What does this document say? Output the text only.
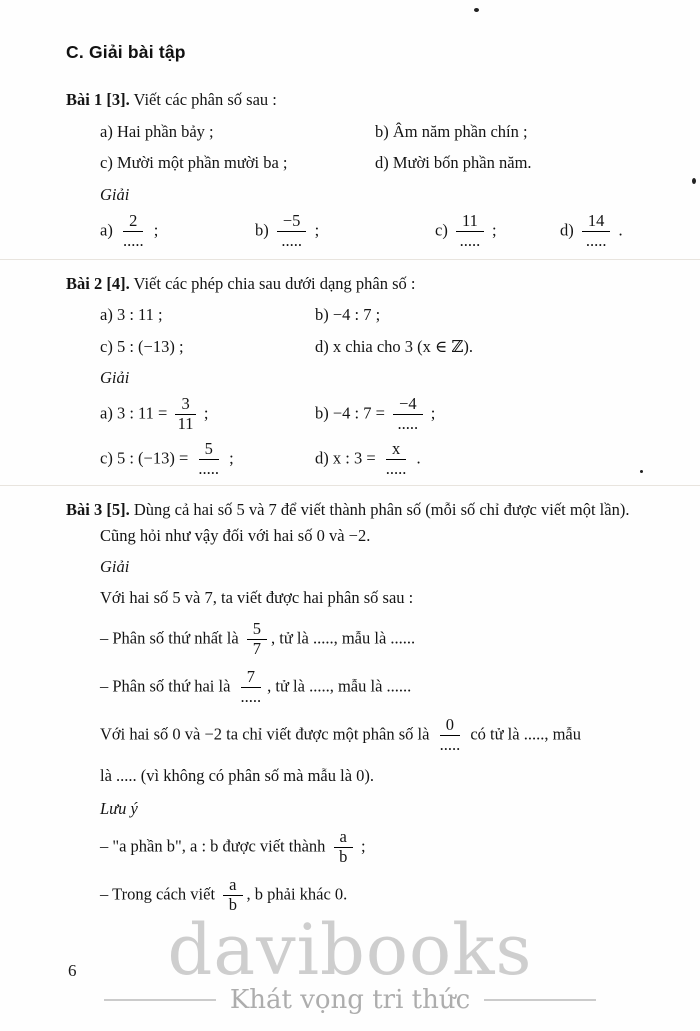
C. Giải bài tập

Bài 1 [3]. Viết các phân số sau :

a) Hai phần bảy ;	b) Âm năm phần chín ;
c) Mười một phần mười ba ;	d) Mười bốn phần năm.

Giải

$a) \frac{2}{.....}$ ;	$b) \frac{-5}{.....}$ ;	$c) \frac{11}{.....}$ ;	$d) \frac{14}{.....}$ .

Bài 2 [4]. Viết các phép chia sau dưới dạng phân số :

a) 3 : 11 ;	b) −4 : 7 ;
c) 5 : (−13) ;	d) x chia cho 3 (x ∈ ℤ).

Giải

a) 3 : $11 = \frac{3}{11}$ ;	b) −4 : $7 = \frac{-4}{.....}$ ;
c) 5 : $(-13) = \frac{5}{.....}$ ;	d) x : $3 = \frac{x}{.....}$ .

Bài 3 [5]. Dùng cả hai số 5 và 7 để viết thành phân số (mỗi số chỉ được viết một lần). Cũng hỏi như vậy đối với hai số 0 và −2.

Giải

Với hai số 5 và 7, ta viết được hai phân số sau :

– Phân số thứ nhất là $\frac{5}{7}$ , tử là ....., mẫu là ......

– Phân số thứ hai là $\frac{7}{.....}$ , tử là ....., mẫu là ......

Với hai số 0 và −2 ta chỉ viết được một phân số là $\frac{0}{.....}$ có tử là ....., mẫu

là ..... (vì không có phân số mà mẫu là 0).

Lưu ý

– "a phần b", a : b được viết thành $\frac{a}{b}$ ;

– Trong cách viết $\frac{a}{b}$ , b phải khác 0.

6	davibooks
Khát vọng tri thức
